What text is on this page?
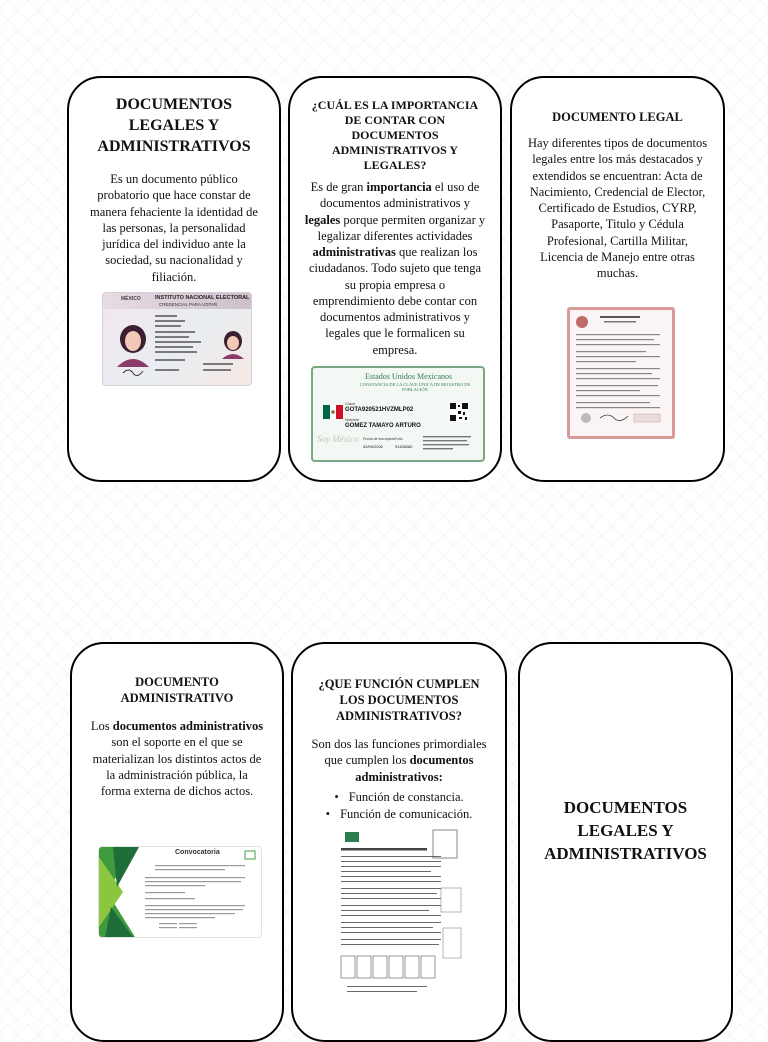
DOCUMENTOS LEGALES Y ADMINISTRATIVOS

Es un documento público probatorio que hace constar de manera fehaciente la identidad de las personas, la personalidad jurídica del individuo ante la sociedad, su nacionalidad y filiación.

MÉXICO	INSTITUTO NACIONAL ELECTORAL
CREDENCIAL PARA VOTAR
¿CUÁL ES LA IMPORTANCIA DE CONTAR CON DOCUMENTOS ADMINISTRATIVOS Y LEGALES?

Es de gran importancia el uso de documentos administrativos y legales porque permiten organizar y legalizar diferentes actividades administrativas que realizan los ciudadanos. Todo sujeto que tenga su propia empresa o emprendimiento debe contar con documentos administrativos y legales que le formalicen su empresa.

Estados Unidos Mexicanos
CONSTANCIA DE LA CLAVE ÚNICA DE REGISTRO DE POBLACIÓN
Clave
GOTA920521HVZMLP02
Nombre
GOMEZ TAMAYO ARTURO
Soy México Fecha de inscripción
02/09/2002
Folio
91158282
DOCUMENTO LEGAL

Hay diferentes tipos de documentos legales entre los más destacados y extendidos se encuentran: Acta de Nacimiento, Credencial de Elector, Certificado de Estudios, CYRP, Pasaporte, Titulo y Cédula Profesional, Cartilla Militar, Licencia de Manejo entre otras muchas.

DOCUMENTO ADMINISTRATIVO

Los documentos administrativos son el soporte en el que se materializan los distintos actos de la administración pública, la forma externa de dichos actos.

Convocatoria
¿QUE FUNCIÓN CUMPLEN LOS DOCUMENTOS ADMINISTRATIVOS?

Son dos las funciones primordiales que cumplen los documentos administrativos:

• Función de constancia.
• Función de comunicación.	DOCUMENTOS LEGALES Y ADMINISTRATIVOS
